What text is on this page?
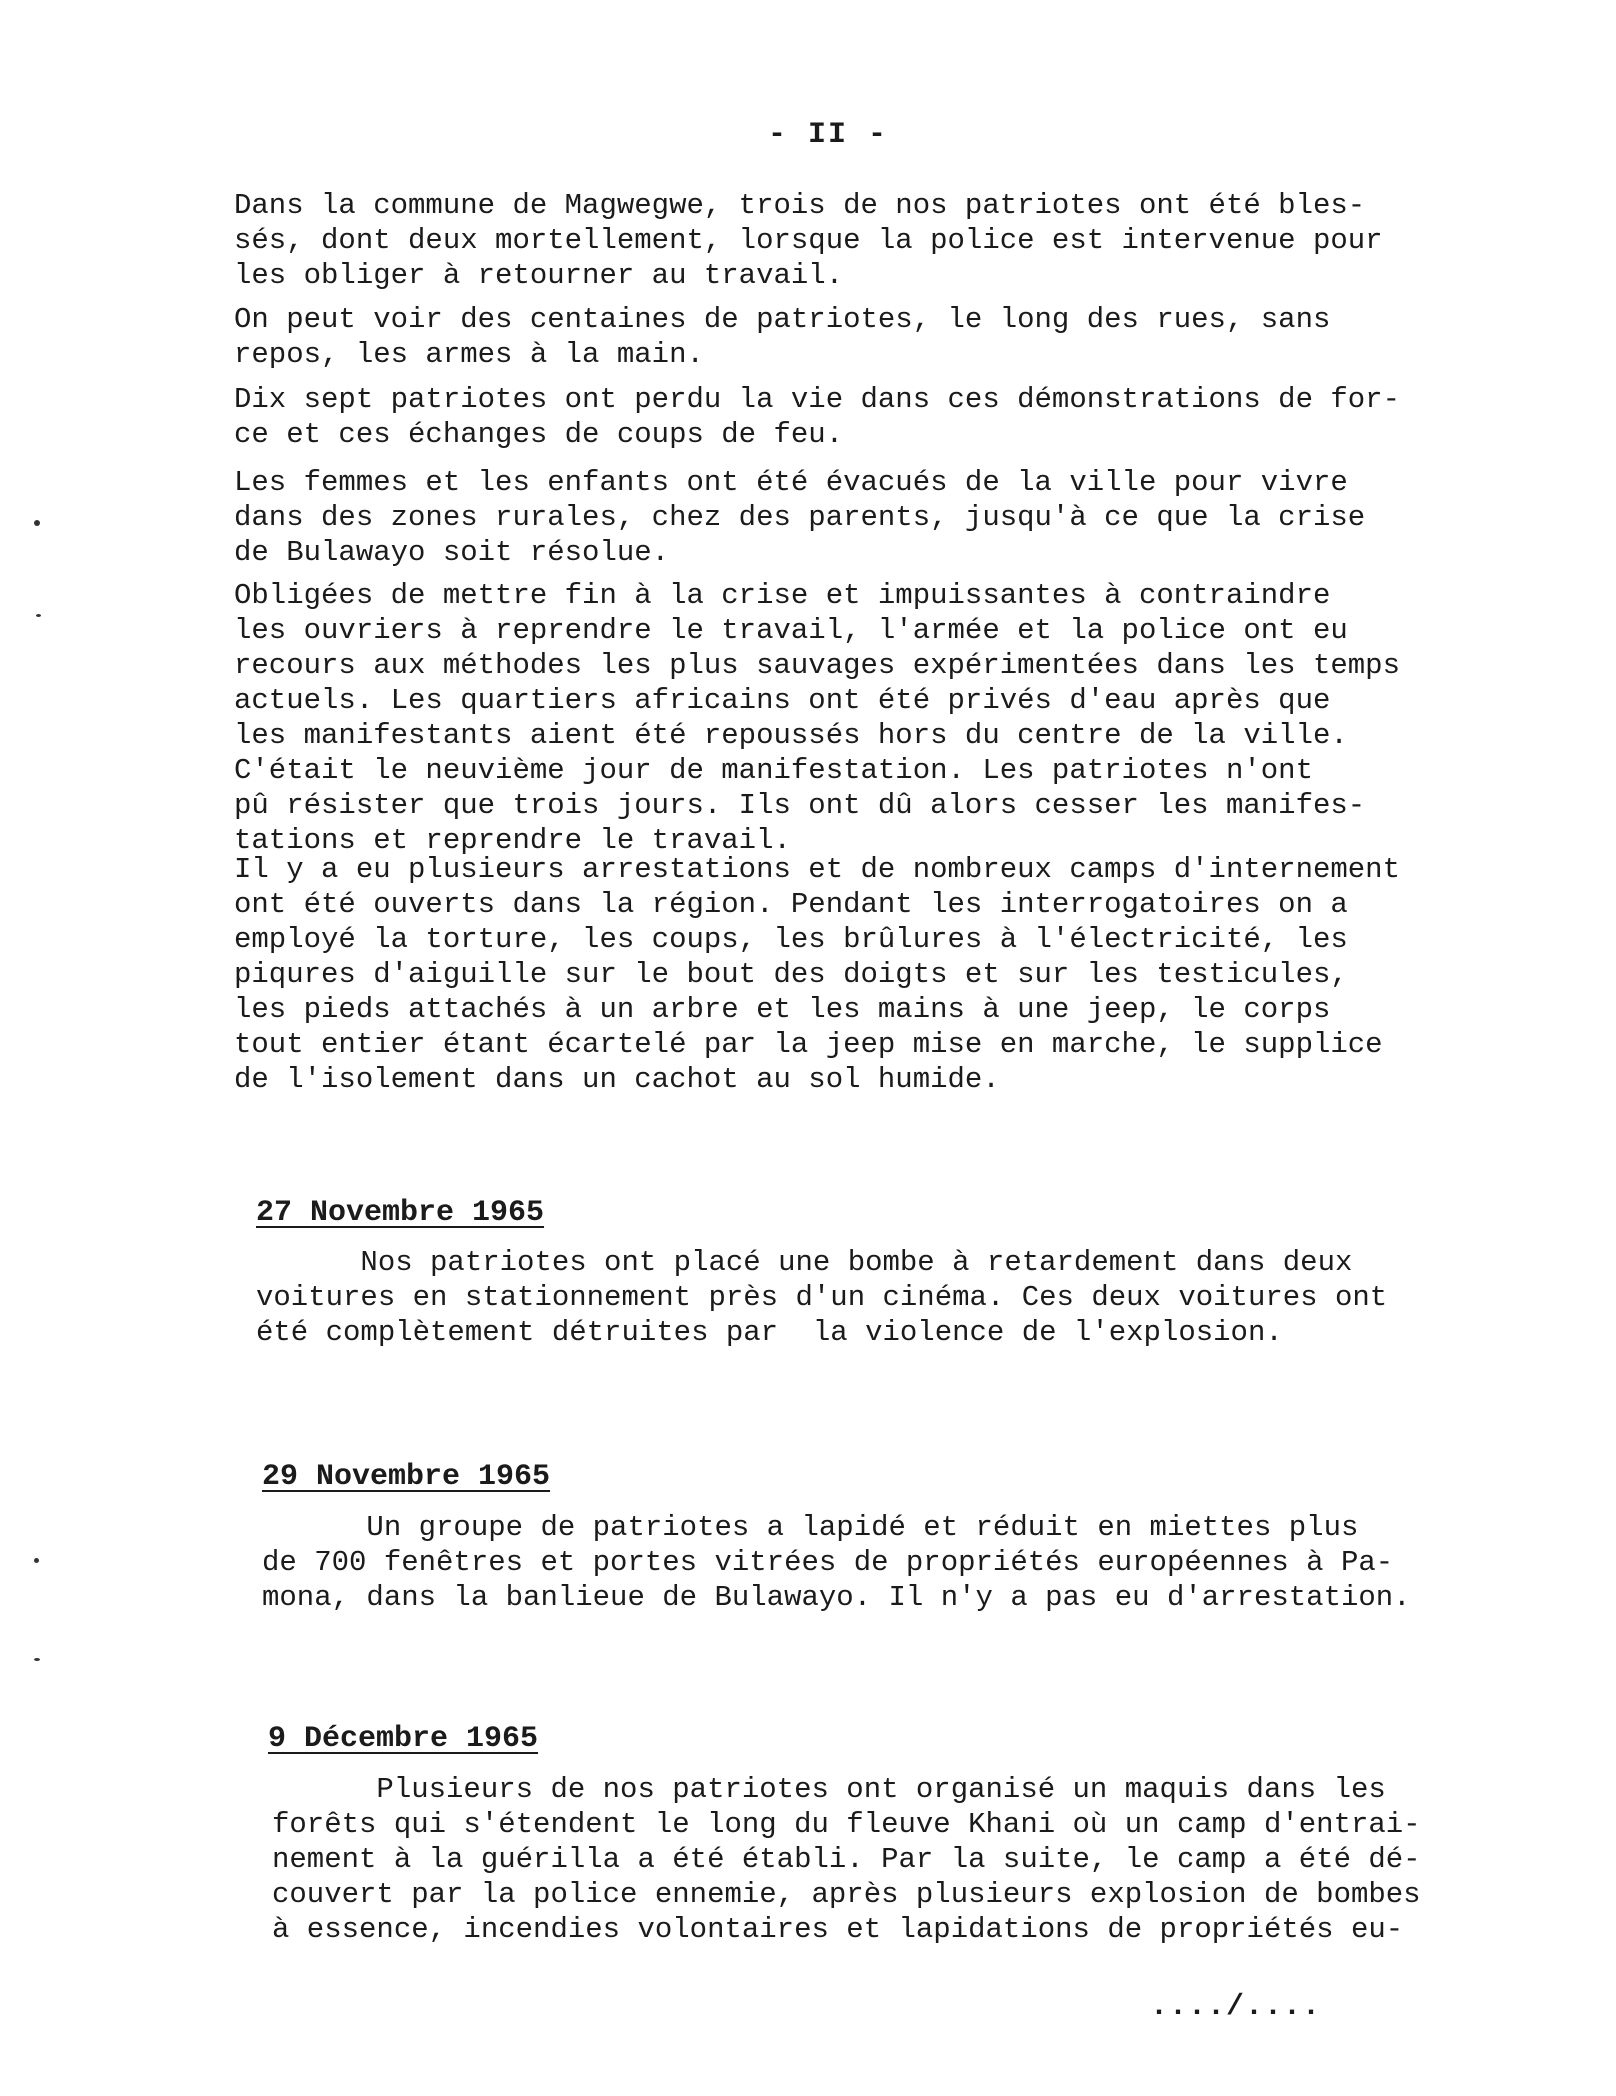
- II -

Dans la commune de Magwegwe, trois de nos patriotes ont été bles-
sés, dont deux mortellement, lorsque la police est intervenue pour
les obliger à retourner au travail.

On peut voir des centaines de patriotes, le long des rues, sans
repos, les armes à la main.

Dix sept patriotes ont perdu la vie dans ces démonstrations de for-
ce et ces échanges de coups de feu.

Les femmes et les enfants ont été évacués de la ville pour vivre
dans des zones rurales, chez des parents, jusqu'à ce que la crise
de Bulawayo soit résolue.

Obligées de mettre fin à la crise et impuissantes à contraindre
les ouvriers à reprendre le travail, l'armée et la police ont eu
recours aux méthodes les plus sauvages expérimentées dans les temps
actuels. Les quartiers africains ont été privés d'eau après que
les manifestants aient été repoussés hors du centre de la ville.
C'était le neuvième jour de manifestation. Les patriotes n'ont
pû résister que trois jours. Ils ont dû alors cesser les manifes-
tations et reprendre le travail.

Il y a eu plusieurs arrestations et de nombreux camps d'internement
ont été ouverts dans la région. Pendant les interrogatoires on a
employé la torture, les coups, les brûlures à l'électricité, les
piqures d'aiguille sur le bout des doigts et sur les testicules,
les pieds attachés à un arbre et les mains à une jeep, le corps
tout entier étant écartelé par la jeep mise en marche, le supplice
de l'isolement dans un cachot au sol humide.

27 Novembre 1965

Nos patriotes ont placé une bombe à retardement dans deux
voitures en stationnement près d'un cinéma. Ces deux voitures ont
été complètement détruites par  la violence de l'explosion.

29 Novembre 1965

Un groupe de patriotes a lapidé et réduit en miettes plus
de 700 fenêtres et portes vitrées de propriétés européennes à Pa-
mona, dans la banlieue de Bulawayo. Il n'y a pas eu d'arrestation.

9 Décembre 1965

Plusieurs de nos patriotes ont organisé un maquis dans les
forêts qui s'étendent le long du fleuve Khani où un camp d'entrai-
nement à la guérilla a été établi. Par la suite, le camp a été dé-
couvert par la police ennemie, après plusieurs explosion de bombes
à essence, incendies volontaires et lapidations de propriétés eu-

..../....
